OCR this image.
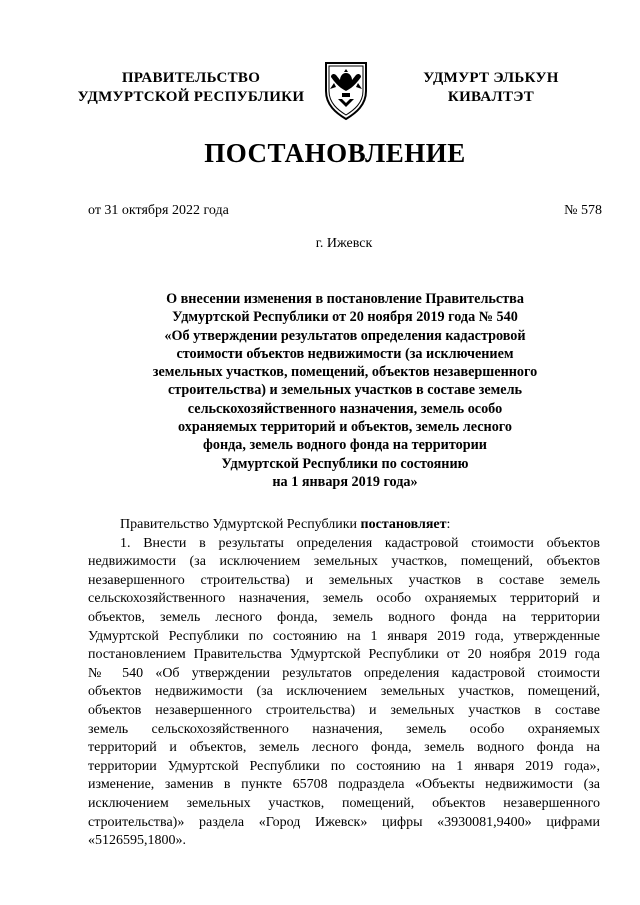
ПРАВИТЕЛЬСТВО
УДМУРТСКОЙ РЕСПУБЛИКИ
УДМУРТ ЭЛЬКУН
КИВАЛТЭТ
ПОСТАНОВЛЕНИЕ
от 31 октября 2022 года	№ 578
г. Ижевск
О внесении изменения в постановление Правительства
Удмуртской Республики от 20 ноября 2019 года № 540
«Об утверждении результатов определения кадастровой
стоимости объектов недвижимости (за исключением
земельных участков, помещений, объектов незавершенного
строительства) и земельных участков в составе земель
сельскохозяйственного назначения, земель особо
охраняемых территорий и объектов, земель лесного
фонда, земель водного фонда на территории
Удмуртской Республики по состоянию
на 1 января 2019 года»
Правительство Удмуртской Республики постановляет:
1. Внести в результаты определения кадастровой стоимости объектов
недвижимости (за исключением земельных участков, помещений, объектов
незавершенного строительства) и земельных участков в составе земель
сельскохозяйственного назначения, земель особо охраняемых территорий и
объектов, земель лесного фонда, земель водного фонда на территории
Удмуртской Республики по состоянию на 1 января 2019 года, утвержденные
постановлением Правительства Удмуртской Республики от 20 ноября 2019 года
№ 540 «Об утверждении результатов определения кадастровой стоимости
объектов недвижимости (за исключением земельных участков, помещений,
объектов незавершенного строительства) и земельных участков в составе
земель сельскохозяйственного назначения, земель особо охраняемых
территорий и объектов, земель лесного фонда, земель водного фонда на
территории Удмуртской Республики по состоянию на 1 января 2019 года»,
изменение, заменив в пункте 65708 подраздела «Объекты недвижимости (за
исключением земельных участков, помещений, объектов незавершенного
строительства)» раздела «Город Ижевск» цифры «3930081,9400» цифрами
«5126595,1800».
